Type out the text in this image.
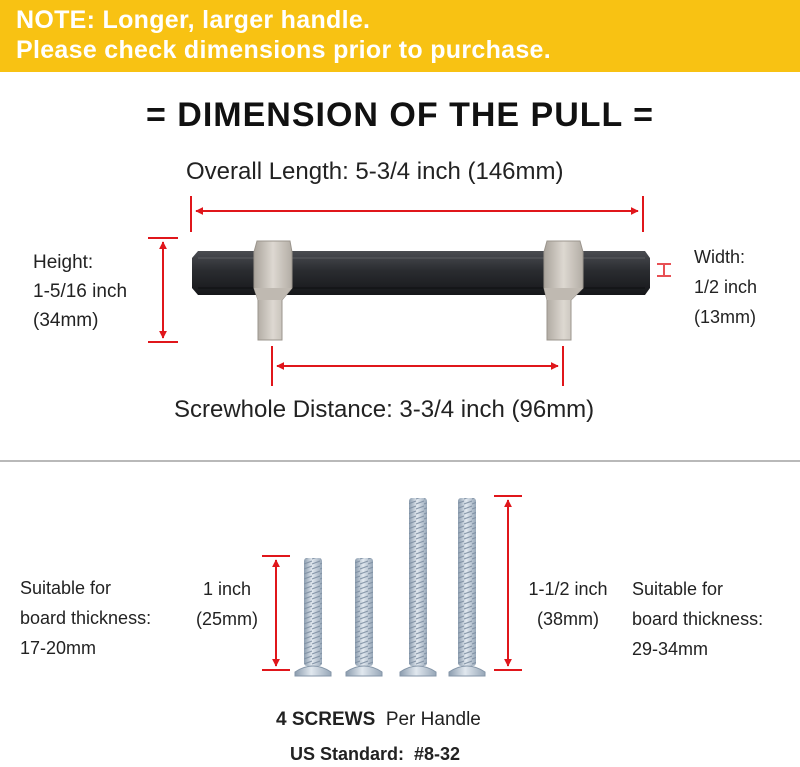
NOTE: Longer, larger handle.
Please check dimensions prior to purchase.
= DIMENSION OF THE PULL =
Overall Length: 5-3/4 inch (146mm)
Height:
1-5/16 inch
(34mm)
Width:
1/2 inch
(13mm)
Screwhole Distance: 3-3/4 inch (96mm)
Suitable for
board thickness:
17-20mm
1 inch
(25mm)
1-1/2 inch
(38mm)
Suitable for
board thickness:
29-34mm
4 SCREWS Per Handle
US Standard: #8-32
